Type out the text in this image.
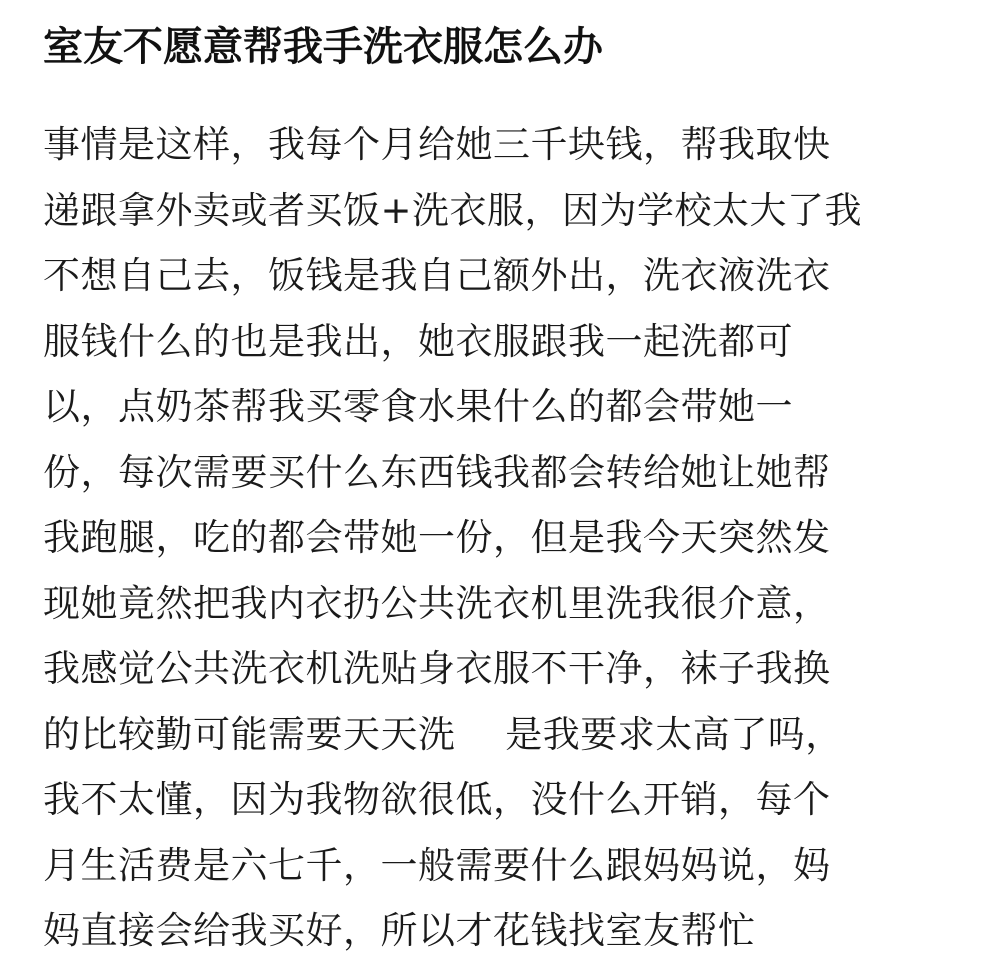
室友不愿意帮我手洗衣服怎么办
事情是这样，我每个月给她三千块钱，帮我取快
递跟拿外卖或者买饭+洗衣服，因为学校太大了我
不想自己去，饭钱是我自己额外出，洗衣液洗衣
服钱什么的也是我出，她衣服跟我一起洗都可
以，点奶茶帮我买零食水果什么的都会带她一
份，每次需要买什么东西钱我都会转给她让她帮
我跑腿，吃的都会带她一份，但是我今天突然发
现她竟然把我内衣扔公共洗衣机里洗我很介意，
我感觉公共洗衣机洗贴身衣服不干净，袜子我换
的比较勤可能需要天天洗　 是我要求太高了吗，
我不太懂，因为我物欲很低，没什么开销，每个
月生活费是六七千，一般需要什么跟妈妈说，妈
妈直接会给我买好，所以才花钱找室友帮忙
